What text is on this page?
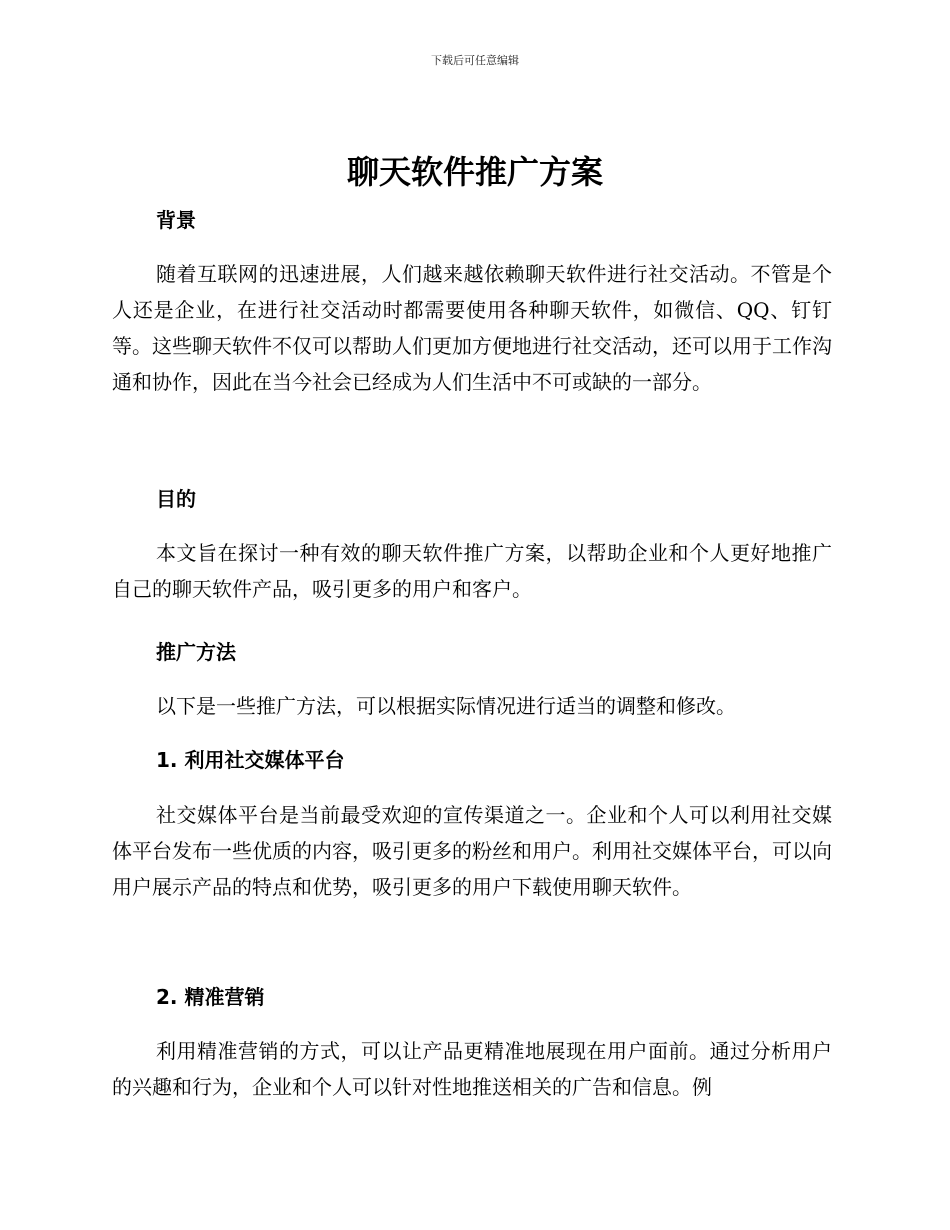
下载后可任意编辑
聊天软件推广方案
背景

随着互联网的迅速进展，人们越来越依赖聊天软件进行社交活动。不管是个人还是企业，在进行社交活动时都需要使用各种聊天软件，如微信、QQ、钉钉等。这些聊天软件不仅可以帮助人们更加方便地进行社交活动，还可以用于工作沟通和协作，因此在当今社会已经成为人们生活中不可或缺的一部分。

目的

本文旨在探讨一种有效的聊天软件推广方案，以帮助企业和个人更好地推广自己的聊天软件产品，吸引更多的用户和客户。

推广方法

以下是一些推广方法，可以根据实际情况进行适当的调整和修改。

1. 利用社交媒体平台

社交媒体平台是当前最受欢迎的宣传渠道之一。企业和个人可以利用社交媒体平台发布一些优质的内容，吸引更多的粉丝和用户。利用社交媒体平台，可以向用户展示产品的特点和优势，吸引更多的用户下载使用聊天软件。

2. 精准营销

利用精准营销的方式，可以让产品更精准地展现在用户面前。通过分析用户的兴趣和行为，企业和个人可以针对性地推送相关的广告和信息。例
